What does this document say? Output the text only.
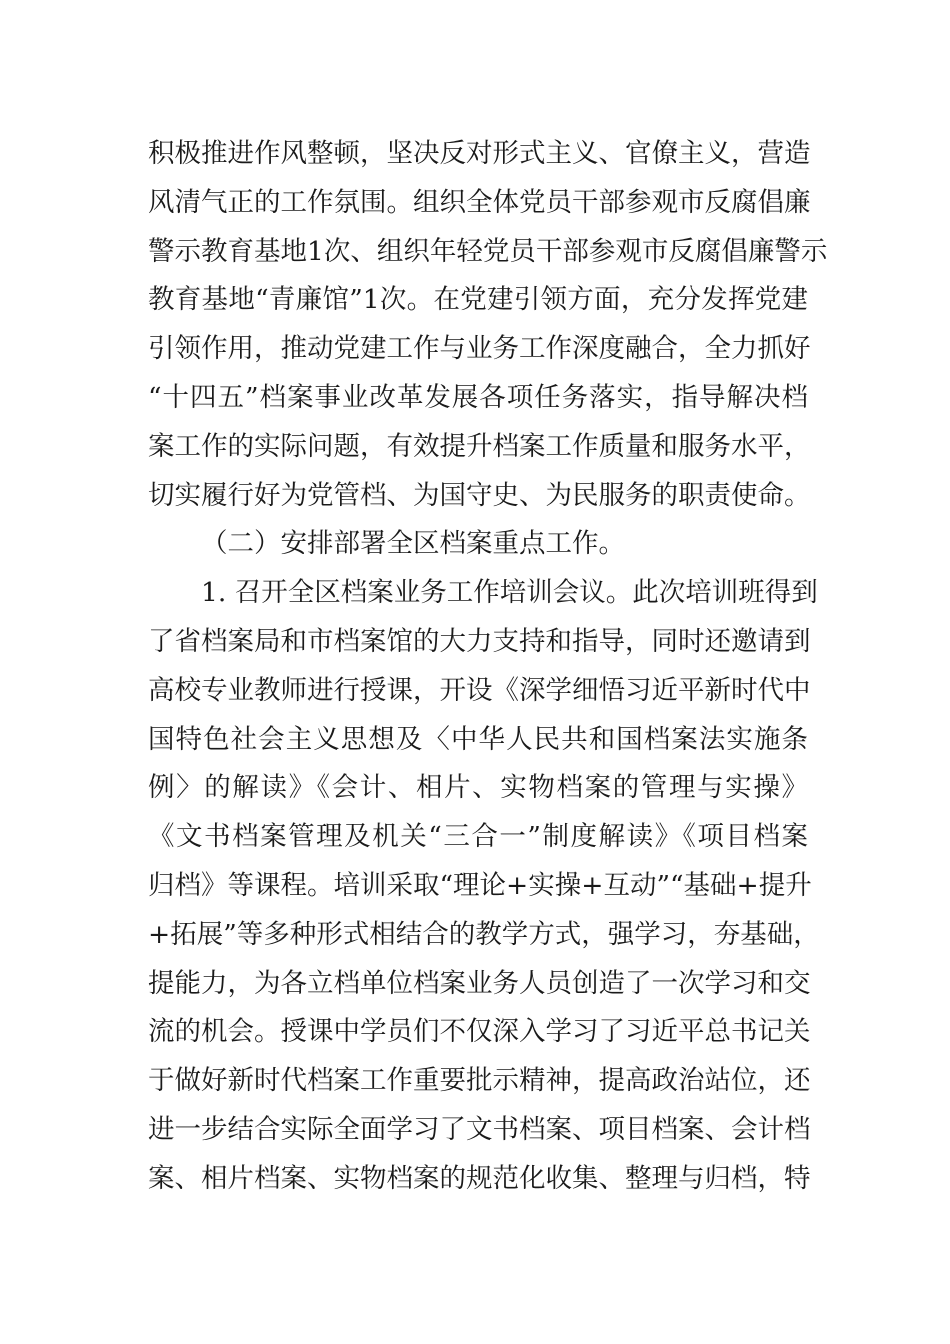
积极推进作风整顿，坚决反对形式主义、官僚主义，营造
风清气正的工作氛围。组织全体党员干部参观市反腐倡廉
警示教育基地1次、组织年轻党员干部参观市反腐倡廉警示
教育基地“青廉馆”1次。在党建引领方面，充分发挥党建
引领作用，推动党建工作与业务工作深度融合，全力抓好
“十四五”档案事业改革发展各项任务落实，指导解决档
案工作的实际问题，有效提升档案工作质量和服务水平，
切实履行好为党管档、为国守史、为民服务的职责使命。
（二）安排部署全区档案重点工作。
1. 召开全区档案业务工作培训会议。此次培训班得到
了省档案局和市档案馆的大力支持和指导，同时还邀请到
高校专业教师进行授课，开设《深学细悟习近平新时代中
国特色社会主义思想及〈中华人民共和国档案法实施条
例〉的解读》《会计、相片、实物档案的管理与实操》
《文书档案管理及机关“三合一”制度解读》《项目档案
归档》等课程。培训采取“理论+实操+互动”“基础+提升
+拓展”等多种形式相结合的教学方式，强学习，夯基础，
提能力，为各立档单位档案业务人员创造了一次学习和交
流的机会。授课中学员们不仅深入学习了习近平总书记关
于做好新时代档案工作重要批示精神，提高政治站位，还
进一步结合实际全面学习了文书档案、项目档案、会计档
案、相片档案、实物档案的规范化收集、整理与归档，特
